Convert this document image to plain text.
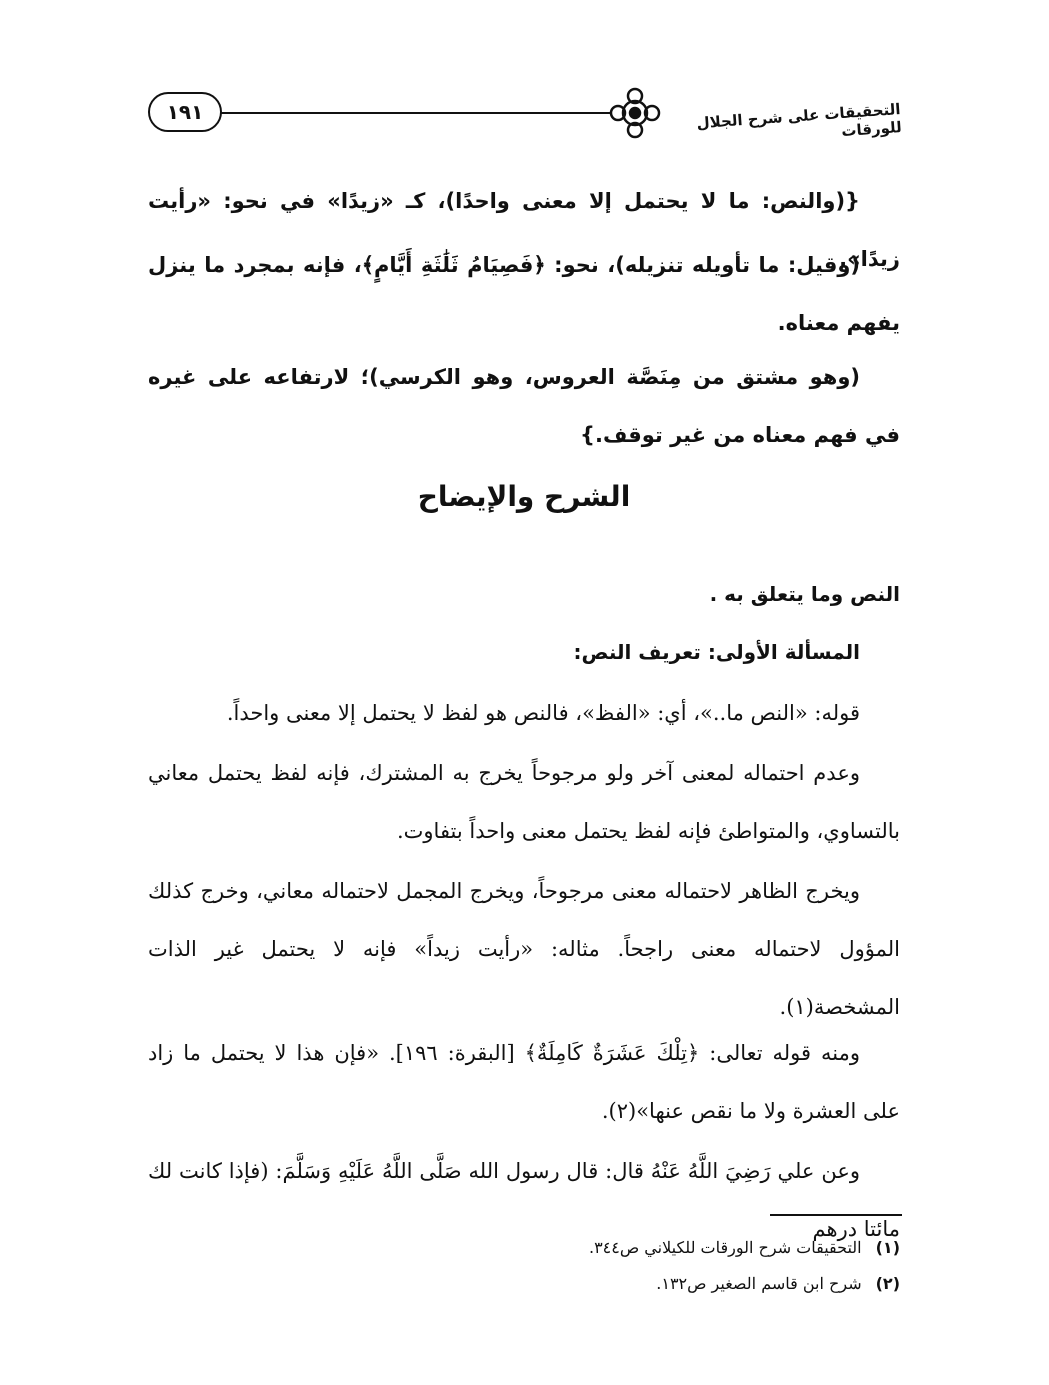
١٩١	التحقيقات على شرح الجلال للورقات
{(والنص: ما لا يحتمل إلا معنى واحدًا)، كـ «زيدًا» في نحو: «رأيت زيدًا».
(وقيل: ما تأويله تنزيله)، نحو: ﴿فَصِيَامُ ثَلَٰثَةِ أَيَّامٍ﴾، فإنه بمجرد ما ينزل يفهم معناه.
(وهو مشتق من مِنَصَّة العروس، وهو الكرسي)؛ لارتفاعه على غيره في فهم معناه من غير توقف.}
الشرح والإيضاح
النص وما يتعلق به .
المسألة الأولى: تعريف النص:
قوله: «النص ما..»، أي: «الفظ»، فالنص هو لفظ لا يحتمل إلا معنى واحداً.
وعدم احتماله لمعنى آخر ولو مرجوحاً يخرج به المشترك، فإنه لفظ يحتمل معاني بالتساوي، والمتواطئ فإنه لفظ يحتمل معنى واحداً بتفاوت.
ويخرج الظاهر لاحتماله معنى مرجوحاً، ويخرج المجمل لاحتماله معاني، وخرج كذلك المؤول لاحتماله معنى راجحاً. مثاله: «رأيت زيداً» فإنه لا يحتمل غير الذات المشخصة(١).
ومنه قوله تعالى: ﴿تِلْكَ عَشَرَةٌ كَامِلَةٌ﴾ [البقرة: ١٩٦]. «فإن هذا لا يحتمل ما زاد على العشرة ولا ما نقص عنها»(٢).
وعن علي رَضِيَ اللَّهُ عَنْهُ قال: قال رسول الله صَلَّى اللَّهُ عَلَيْهِ وَسَلَّمَ: (فإذا كانت لك مائتا درهم
(١)التحقيقات شرح الورقات للكيلاني ص٣٤٤.
(٢)شرح ابن قاسم الصغير ص١٣٢.
